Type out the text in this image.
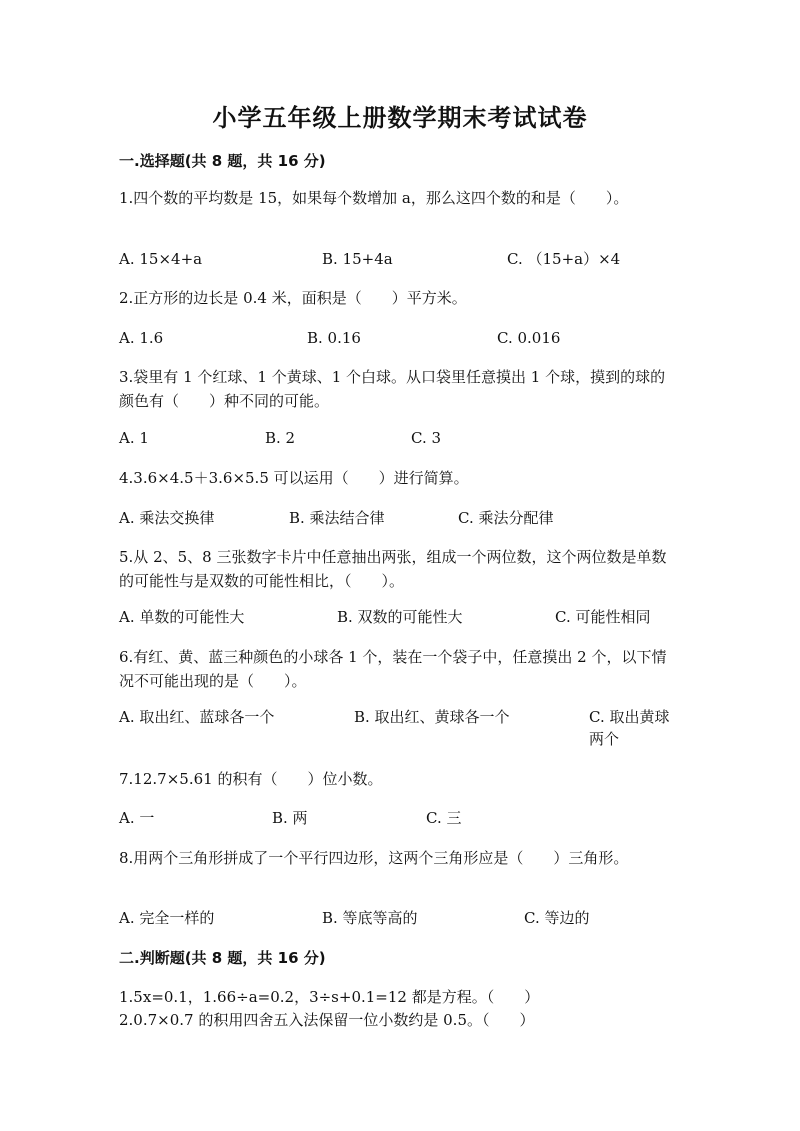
小学五年级上册数学期末考试试卷
一.选择题(共 8 题，共 16 分)
1.四个数的平均数是 15，如果每个数增加 a，那么这四个数的和是（　　）。
A. 15×4+a	B. 15+4a	C. （15+a）×4
2.正方形的边长是 0.4 米，面积是（　　）平方米。
A. 1.6	B. 0.16	C. 0.016
3.袋里有 1 个红球、1 个黄球、1 个白球。从口袋里任意摸出 1 个球，摸到的球的颜色有（　　）种不同的可能。
A. 1	B. 2	C. 3
4.3.6×4.5＋3.6×5.5 可以运用（　　）进行简算。
A. 乘法交换律	B. 乘法结合律	C. 乘法分配律
5.从 2、5、8 三张数字卡片中任意抽出两张，组成一个两位数，这个两位数是单数的可能性与是双数的可能性相比，（　　）。
A. 单数的可能性大	B. 双数的可能性大	C. 可能性相同
6.有红、黄、蓝三种颜色的小球各 1 个，装在一个袋子中，任意摸出 2 个，以下情况不可能出现的是（　　）。
A. 取出红、蓝球各一个	B. 取出红、黄球各一个	C. 取出黄球两个
7.12.7×5.61 的积有（　　）位小数。
A. 一	B. 两	C. 三
8.用两个三角形拼成了一个平行四边形，这两个三角形应是（　　）三角形。
A. 完全一样的	B. 等底等高的	C. 等边的
二.判断题(共 8 题，共 16 分)
1.5x=0.1，1.66÷a=0.2，3÷s+0.1=12 都是方程。（　　）
2.0.7×0.7 的积用四舍五入法保留一位小数约是 0.5。（　　）
